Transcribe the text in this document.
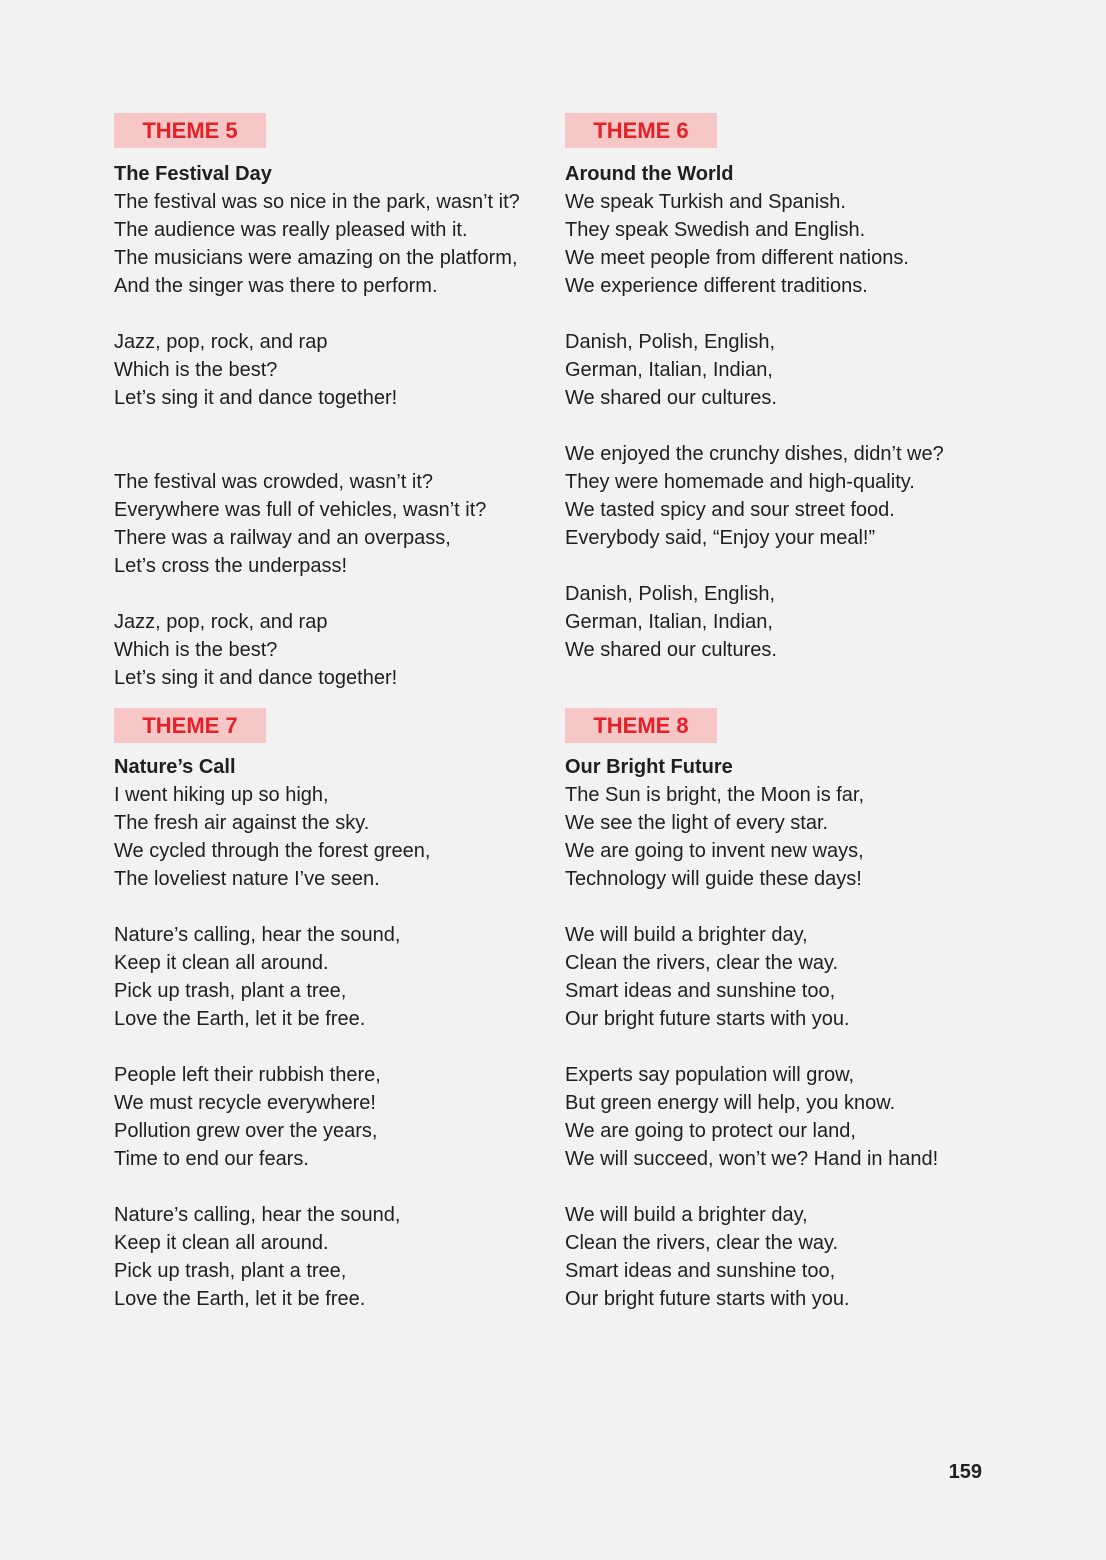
THEME 5
The Festival Day
The festival was so nice in the park, wasn’t it?
The audience was really pleased with it.
The musicians were amazing on the platform,
And the singer was there to perform.
Jazz, pop, rock, and rap
Which is the best?
Let’s sing it and dance together!
The festival was crowded, wasn’t it?
Everywhere was full of vehicles, wasn’t it?
There was a railway and an overpass,
Let’s cross the underpass!
Jazz, pop, rock, and rap
Which is the best?
Let’s sing it and dance together!
THEME 6
Around the World
We speak Turkish and Spanish.
They speak Swedish and English.
We meet people from different nations.
We experience different traditions.
Danish, Polish, English,
German, Italian, Indian,
We shared our cultures.
We enjoyed the crunchy dishes, didn’t we?
They were homemade and high-quality.
We tasted spicy and sour street food.
Everybody said, “Enjoy your meal!”
Danish, Polish, English,
German, Italian, Indian,
We shared our cultures.
THEME 7
Nature’s Call
I went hiking up so high,
The fresh air against the sky.
We cycled through the forest green,
The loveliest nature I’ve seen.
Nature’s calling, hear the sound,
Keep it clean all around.
Pick up trash, plant a tree,
Love the Earth, let it be free.
People left their rubbish there,
We must recycle everywhere!
Pollution grew over the years,
Time to end our fears.
Nature’s calling, hear the sound,
Keep it clean all around.
Pick up trash, plant a tree,
Love the Earth, let it be free.
THEME 8
Our Bright Future
The Sun is bright, the Moon is far,
We see the light of every star.
We are going to invent new ways,
Technology will guide these days!
We will build a brighter day,
Clean the rivers, clear the way.
Smart ideas and sunshine too,
Our bright future starts with you.
Experts say population will grow,
But green energy will help, you know.
We are going to protect our land,
We will succeed, won’t we? Hand in hand!
We will build a brighter day,
Clean the rivers, clear the way.
Smart ideas and sunshine too,
Our bright future starts with you.
159
